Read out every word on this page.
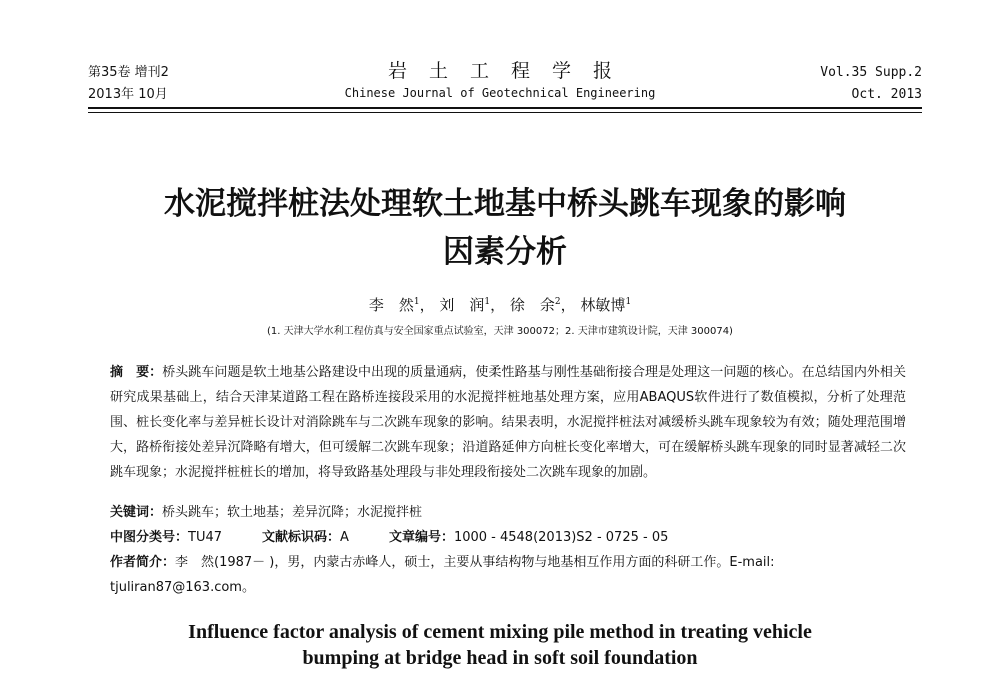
第35卷 增刊2
2013年 10月
岩土工程学报
Chinese Journal of Geotechnical Engineering
Vol.35 Supp.2
Oct. 2013
水泥搅拌桩法处理软土地基中桥头跳车现象的影响
因素分析
李　然$^1$， 刘　润$^1$， 徐　余$^2$， 林敏博$^1$
(1. 天津大学水利工程仿真与安全国家重点试验室，天津 300072；2. 天津市建筑设计院，天津 300074)
摘　要：桥头跳车问题是软土地基公路建设中出现的质量通病，使柔性路基与刚性基础衔接合理是处理这一问题的核心。在总结国内外相关研究成果基础上，结合天津某道路工程在路桥连接段采用的水泥搅拌桩地基处理方案，应用ABAQUS软件进行了数值模拟，分析了处理范围、桩长变化率与差异桩长设计对消除跳车与二次跳车现象的影响。结果表明，水泥搅拌桩法对减缓桥头跳车现象较为有效；随处理范围增大，路桥衔接处差异沉降略有增大，但可缓解二次跳车现象；沿道路延伸方向桩长变化率增大，可在缓解桥头跳车现象的同时显著减轻二次跳车现象；水泥搅拌桩桩长的增加，将导致路基处理段与非处理段衔接处二次跳车现象的加剧。
关键词：桥头跳车；软土地基；差异沉降；水泥搅拌桩
中图分类号：TU47	文献标识码：A	文章编号：1000 - 4548(2013)S2 - 0725 - 05
作者简介：李　然(1987－ )，男，内蒙古赤峰人，硕士，主要从事结构物与地基相互作用方面的科研工作。E-mail: tjuliran87@163.com。
Influence factor analysis of cement mixing pile method in treating vehicle
bumping at bridge head in soft soil foundation
